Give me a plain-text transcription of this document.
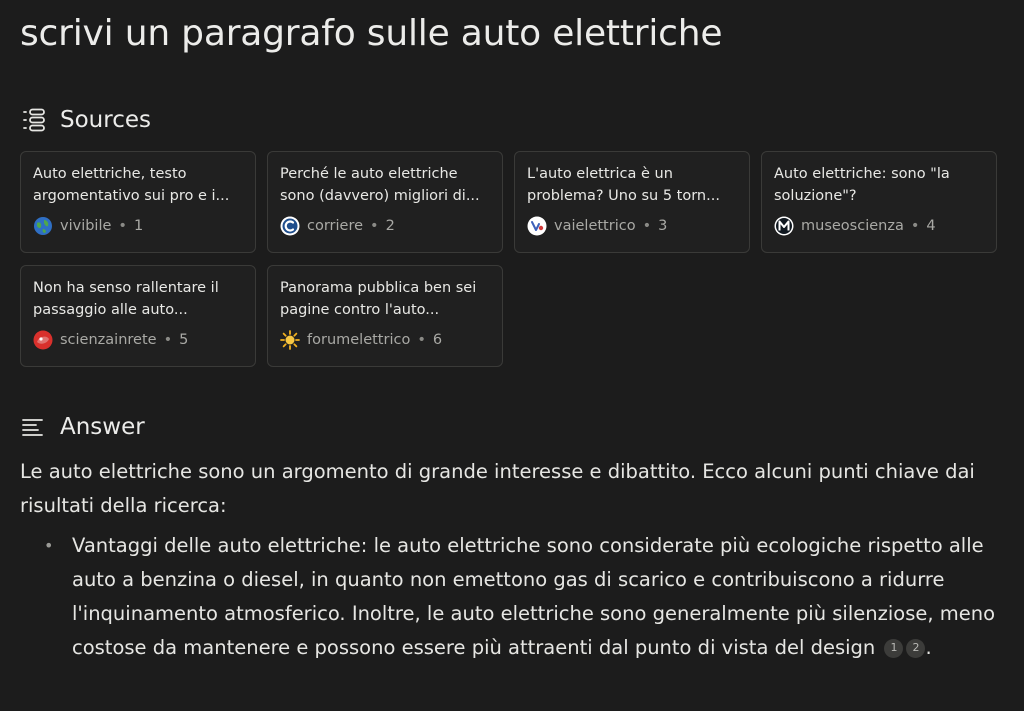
scrivi un paragrafo sulle auto elettriche
Sources
Auto elettriche, testo argomentativo sui pro e i...
vivibile • 1
Perché le auto elettriche sono (davvero) migliori di...
corriere • 2
L'auto elettrica è un problema? Uno su 5 torn...
vaielettrico • 3
Auto elettriche: sono "la soluzione"?
museoscienza • 4
Non ha senso rallentare il passaggio alle auto...
scienzainrete • 5
Panorama pubblica ben sei pagine contro l'auto...
forumelettrico • 6
Answer

Le auto elettriche sono un argomento di grande interesse e dibattito. Ecco alcuni punti chiave dai risultati della ricerca:

• Vantaggi delle auto elettriche: le auto elettriche sono considerate più ecologiche rispetto alle auto a benzina o diesel, in quanto non emettono gas di scarico e contribuiscono a ridurre l'inquinamento atmosferico. Inoltre, le auto elettriche sono generalmente più silenziose, meno costose da mantenere e possono essere più attraenti dal punto di vista del design 1 2 .
